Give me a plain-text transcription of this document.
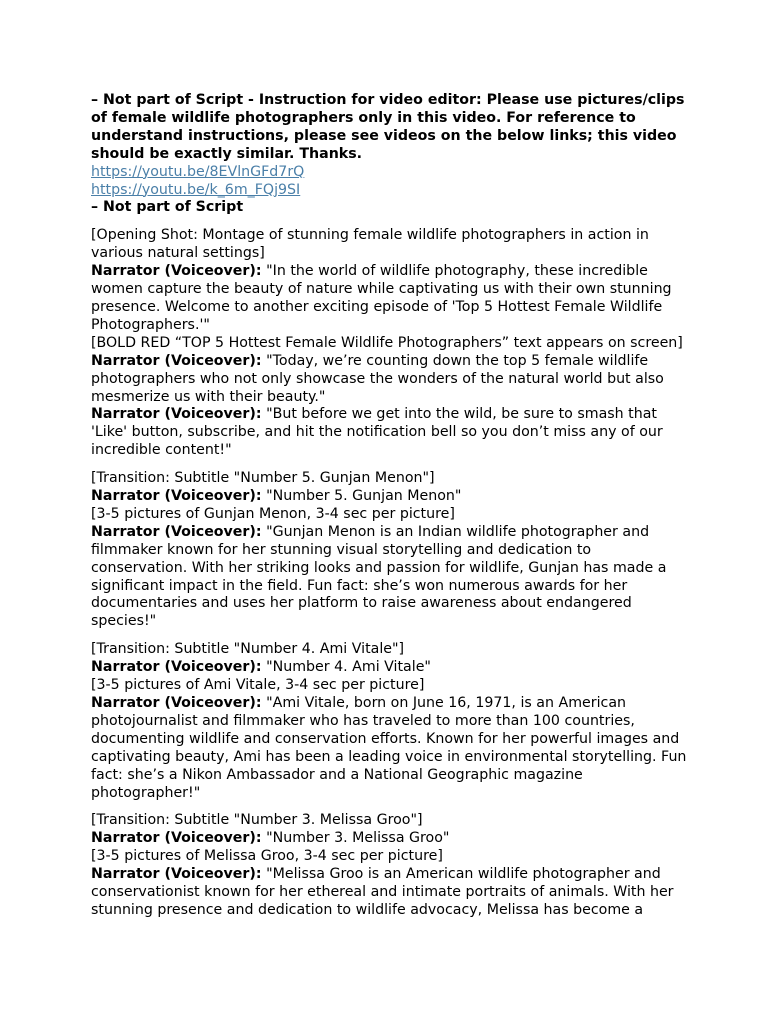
– Not part of Script - Instruction for video editor: Please use pictures/clips of female wildlife photographers only in this video. For reference to understand instructions, please see videos on the below links; this video should be exactly similar. Thanks.

https://youtu.be/8EVlnGFd7rQ

https://youtu.be/k_6m_FQj9SI

– Not part of Script

[Opening Shot: Montage of stunning female wildlife photographers in action in various natural settings]

Narrator (Voiceover): "In the world of wildlife photography, these incredible women capture the beauty of nature while captivating us with their own stunning presence. Welcome to another exciting episode of 'Top 5 Hottest Female Wildlife Photographers.'"

[BOLD RED “TOP 5 Hottest Female Wildlife Photographers” text appears on screen]

Narrator (Voiceover): "Today, we’re counting down the top 5 female wildlife photographers who not only showcase the wonders of the natural world but also mesmerize us with their beauty."

Narrator (Voiceover): "But before we get into the wild, be sure to smash that 'Like' button, subscribe, and hit the notification bell so you don’t miss any of our incredible content!"

[Transition: Subtitle "Number 5. Gunjan Menon"]

Narrator (Voiceover): "Number 5. Gunjan Menon"

[3-5 pictures of Gunjan Menon, 3-4 sec per picture]

Narrator (Voiceover): "Gunjan Menon is an Indian wildlife photographer and filmmaker known for her stunning visual storytelling and dedication to conservation. With her striking looks and passion for wildlife, Gunjan has made a significant impact in the field. Fun fact: she’s won numerous awards for her documentaries and uses her platform to raise awareness about endangered species!"

[Transition: Subtitle "Number 4. Ami Vitale"]

Narrator (Voiceover): "Number 4. Ami Vitale"

[3-5 pictures of Ami Vitale, 3-4 sec per picture]

Narrator (Voiceover): "Ami Vitale, born on June 16, 1971, is an American photojournalist and filmmaker who has traveled to more than 100 countries, documenting wildlife and conservation efforts. Known for her powerful images and captivating beauty, Ami has been a leading voice in environmental storytelling. Fun fact: she’s a Nikon Ambassador and a National Geographic magazine photographer!"

[Transition: Subtitle "Number 3. Melissa Groo"]

Narrator (Voiceover): "Number 3. Melissa Groo"

[3-5 pictures of Melissa Groo, 3-4 sec per picture]

Narrator (Voiceover): "Melissa Groo is an American wildlife photographer and conservationist known for her ethereal and intimate portraits of animals. With her stunning presence and dedication to wildlife advocacy, Melissa has become a
